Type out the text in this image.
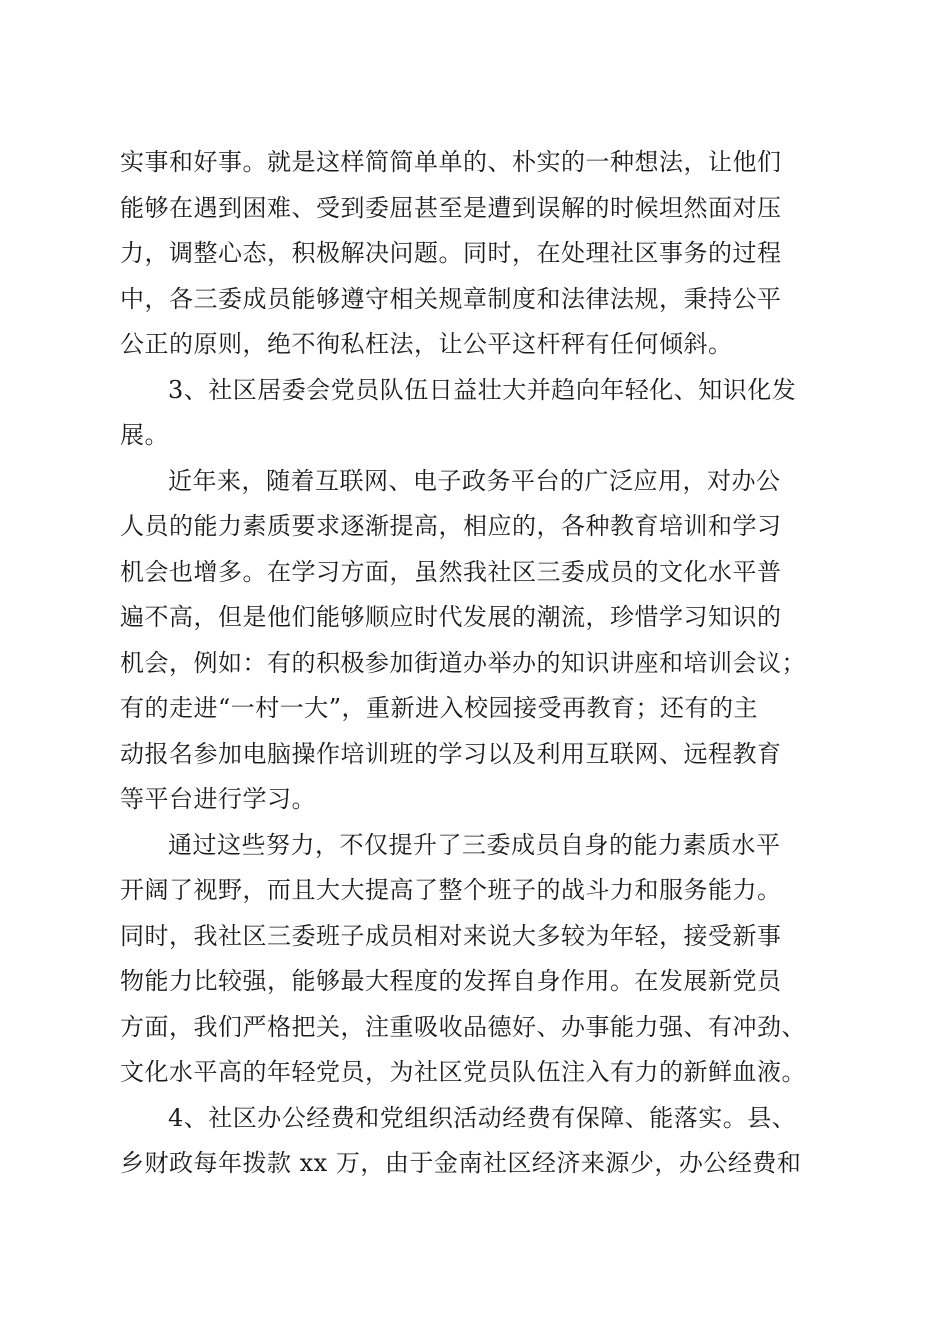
实事和好事。就是这样简简单单的、朴实的一种想法，让他们
能够在遇到困难、受到委屈甚至是遭到误解的时候坦然面对压
力，调整心态，积极解决问题。同时，在处理社区事务的过程
中，各三委成员能够遵守相关规章制度和法律法规，秉持公平
公正的原则，绝不徇私枉法，让公平这杆秤有任何倾斜。
3、社区居委会党员队伍日益壮大并趋向年轻化、知识化发
展。
近年来，随着互联网、电子政务平台的广泛应用，对办公
人员的能力素质要求逐渐提高，相应的，各种教育培训和学习
机会也增多。在学习方面，虽然我社区三委成员的文化水平普
遍不高，但是他们能够顺应时代发展的潮流，珍惜学习知识的
机会，例如：有的积极参加街道办举办的知识讲座和培训会议；
有的走进“一村一大”，重新进入校园接受再教育；还有的主
动报名参加电脑操作培训班的学习以及利用互联网、远程教育
等平台进行学习。
通过这些努力，不仅提升了三委成员自身的能力素质水平
开阔了视野，而且大大提高了整个班子的战斗力和服务能力。
同时，我社区三委班子成员相对来说大多较为年轻，接受新事
物能力比较强，能够最大程度的发挥自身作用。在发展新党员
方面，我们严格把关，注重吸收品德好、办事能力强、有冲劲、
文化水平高的年轻党员，为社区党员队伍注入有力的新鲜血液。
4、社区办公经费和党组织活动经费有保障、能落实。县、
乡财政每年拨款 xx 万，由于金南社区经济来源少，办公经费和
